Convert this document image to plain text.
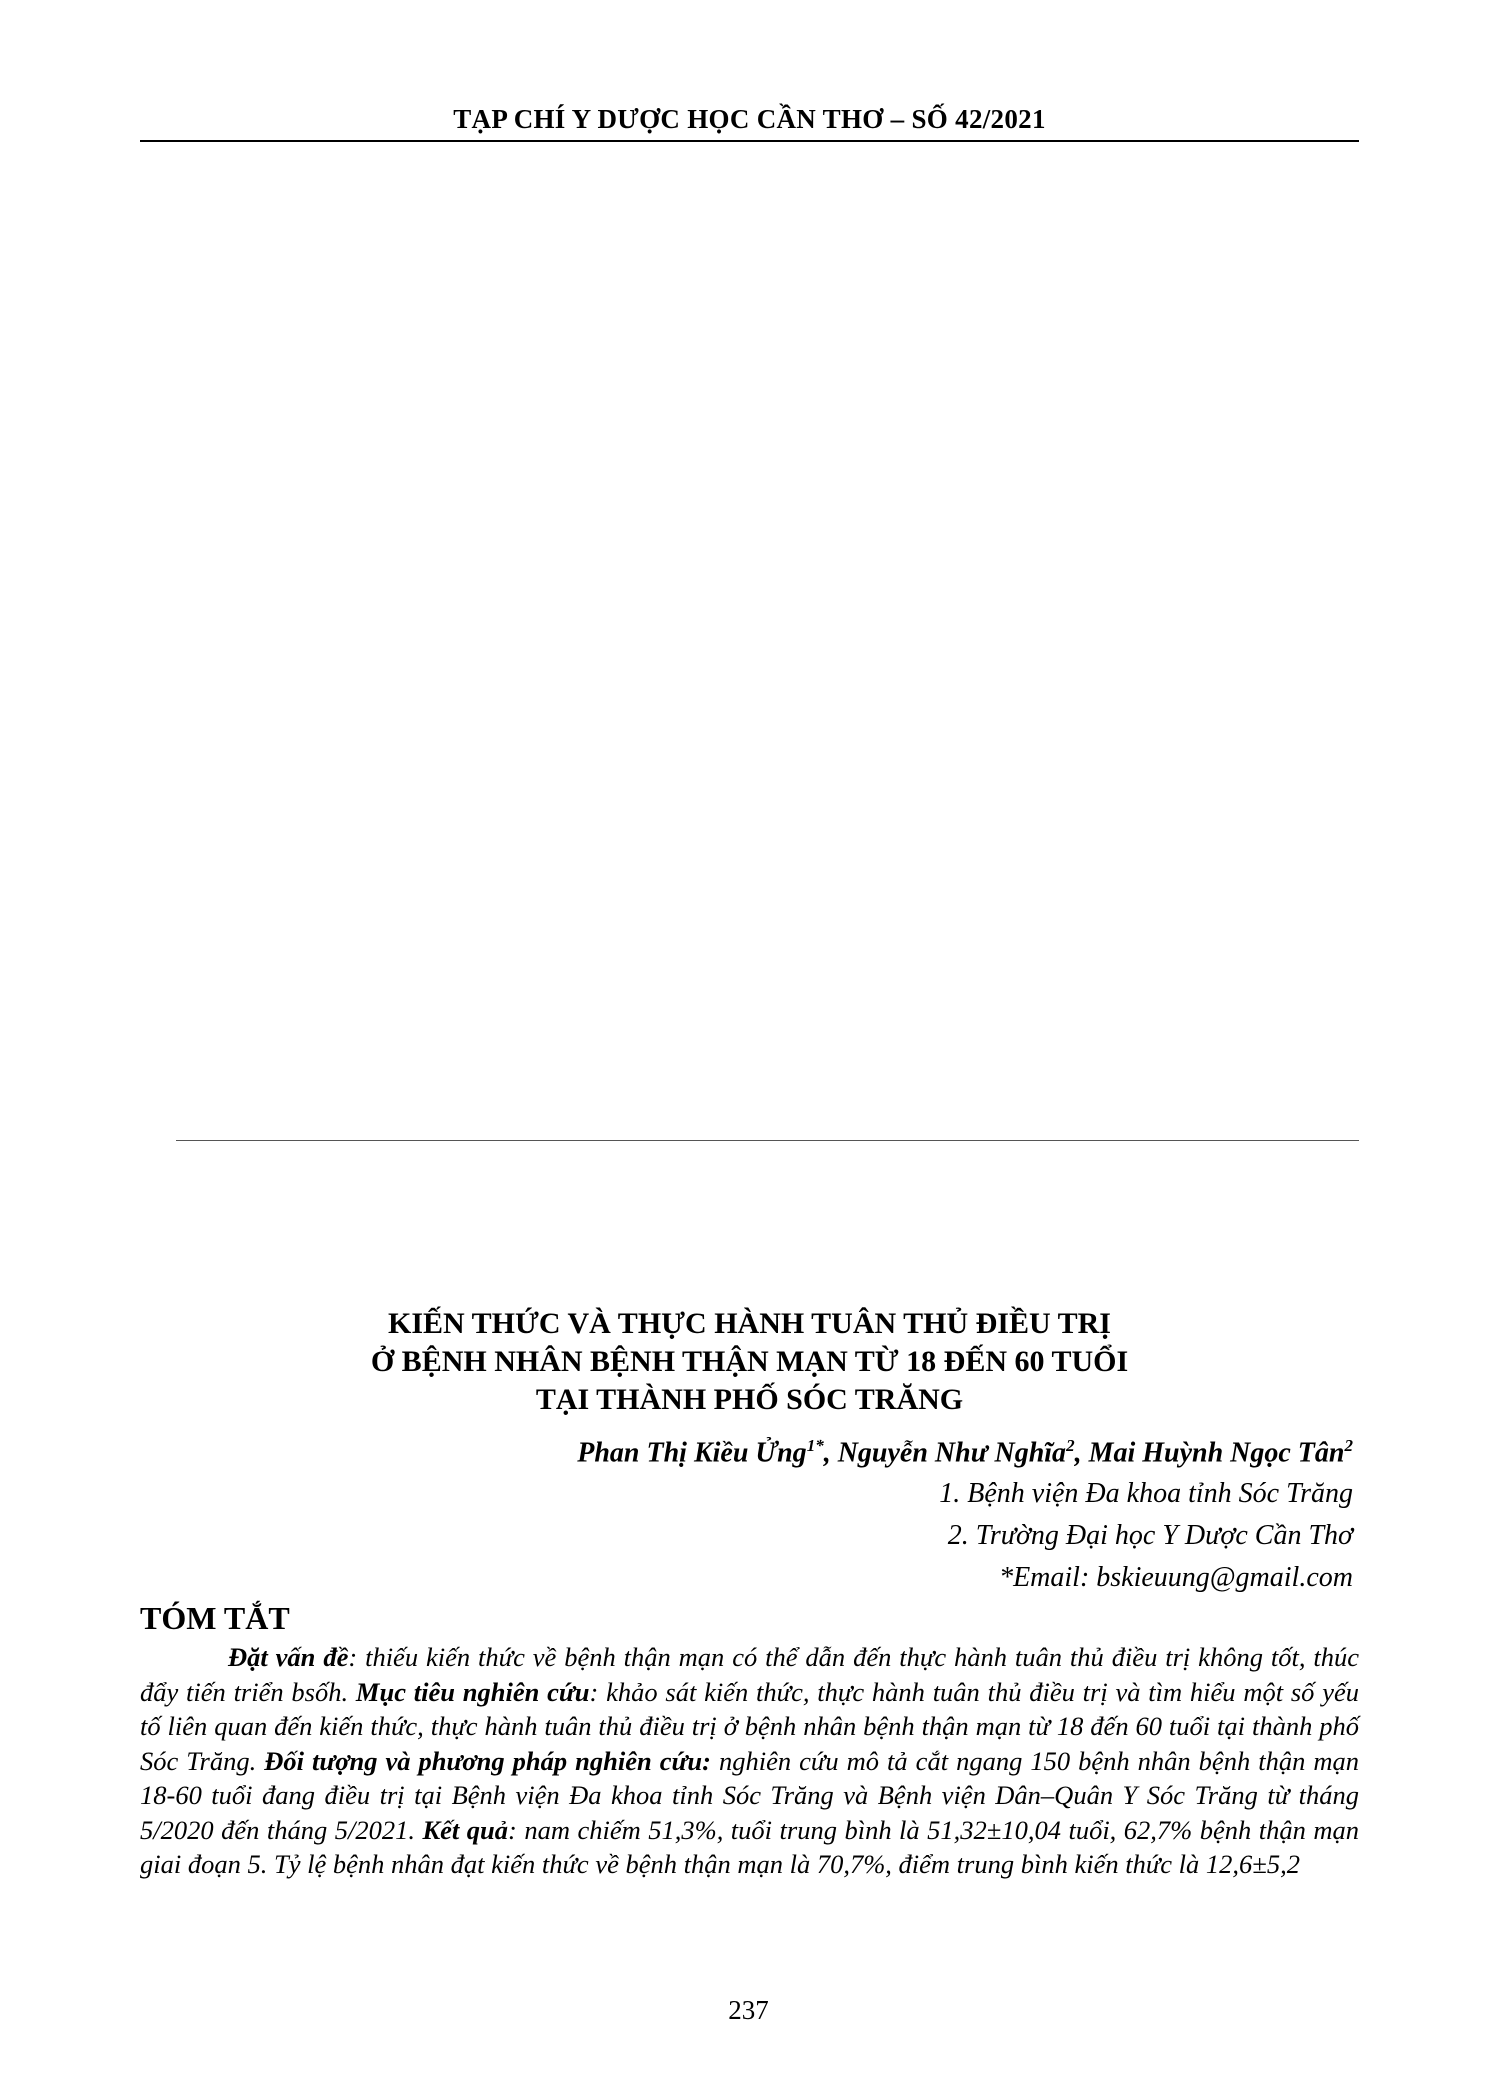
TẠP CHÍ Y DƯỢC HỌC CẦN THƠ – SỐ 42/2021
KIẾN THỨC VÀ THỰC HÀNH TUÂN THỦ ĐIỀU TRỊ
Ở BỆNH NHÂN BỆNH THẬN MẠN TỪ 18 ĐẾN 60 TUỔI
TẠI THÀNH PHỐ SÓC TRĂNG
Phan Thị Kiều Ửng$^{1*}$, Nguyễn Như Nghĩa$^2$, Mai Huỳnh Ngọc Tân$^2$
1. Bệnh viện Đa khoa tỉnh Sóc Trăng
2. Trường Đại học Y Dược Cần Thơ
*Email: bskieuung@gmail.com
TÓM TẮT

Đặt vấn đề: thiếu kiến thức về bệnh thận mạn có thể dẫn đến thực hành tuân thủ điều trị không tốt, thúc đẩy tiến triển bsốh. Mục tiêu nghiên cứu: khảo sát kiến thức, thực hành tuân thủ điều trị và tìm hiểu một số yếu tố liên quan đến kiến thức, thực hành tuân thủ điều trị ở bệnh nhân bệnh thận mạn từ 18 đến 60 tuổi tại thành phố Sóc Trăng. Đối tượng và phương pháp nghiên cứu: nghiên cứu mô tả cắt ngang 150 bệnh nhân bệnh thận mạn 18-60 tuổi đang điều trị tại Bệnh viện Đa khoa tỉnh Sóc Trăng và Bệnh viện Dân–Quân Y Sóc Trăng từ tháng 5/2020 đến tháng 5/2021. Kết quả: nam chiếm 51,3%, tuổi trung bình là 51,32±10,04 tuổi, 62,7% bệnh thận mạn giai đoạn 5. Tỷ lệ bệnh nhân đạt kiến thức về bệnh thận mạn là 70,7%, điểm trung bình kiến thức là 12,6±5,2

237
